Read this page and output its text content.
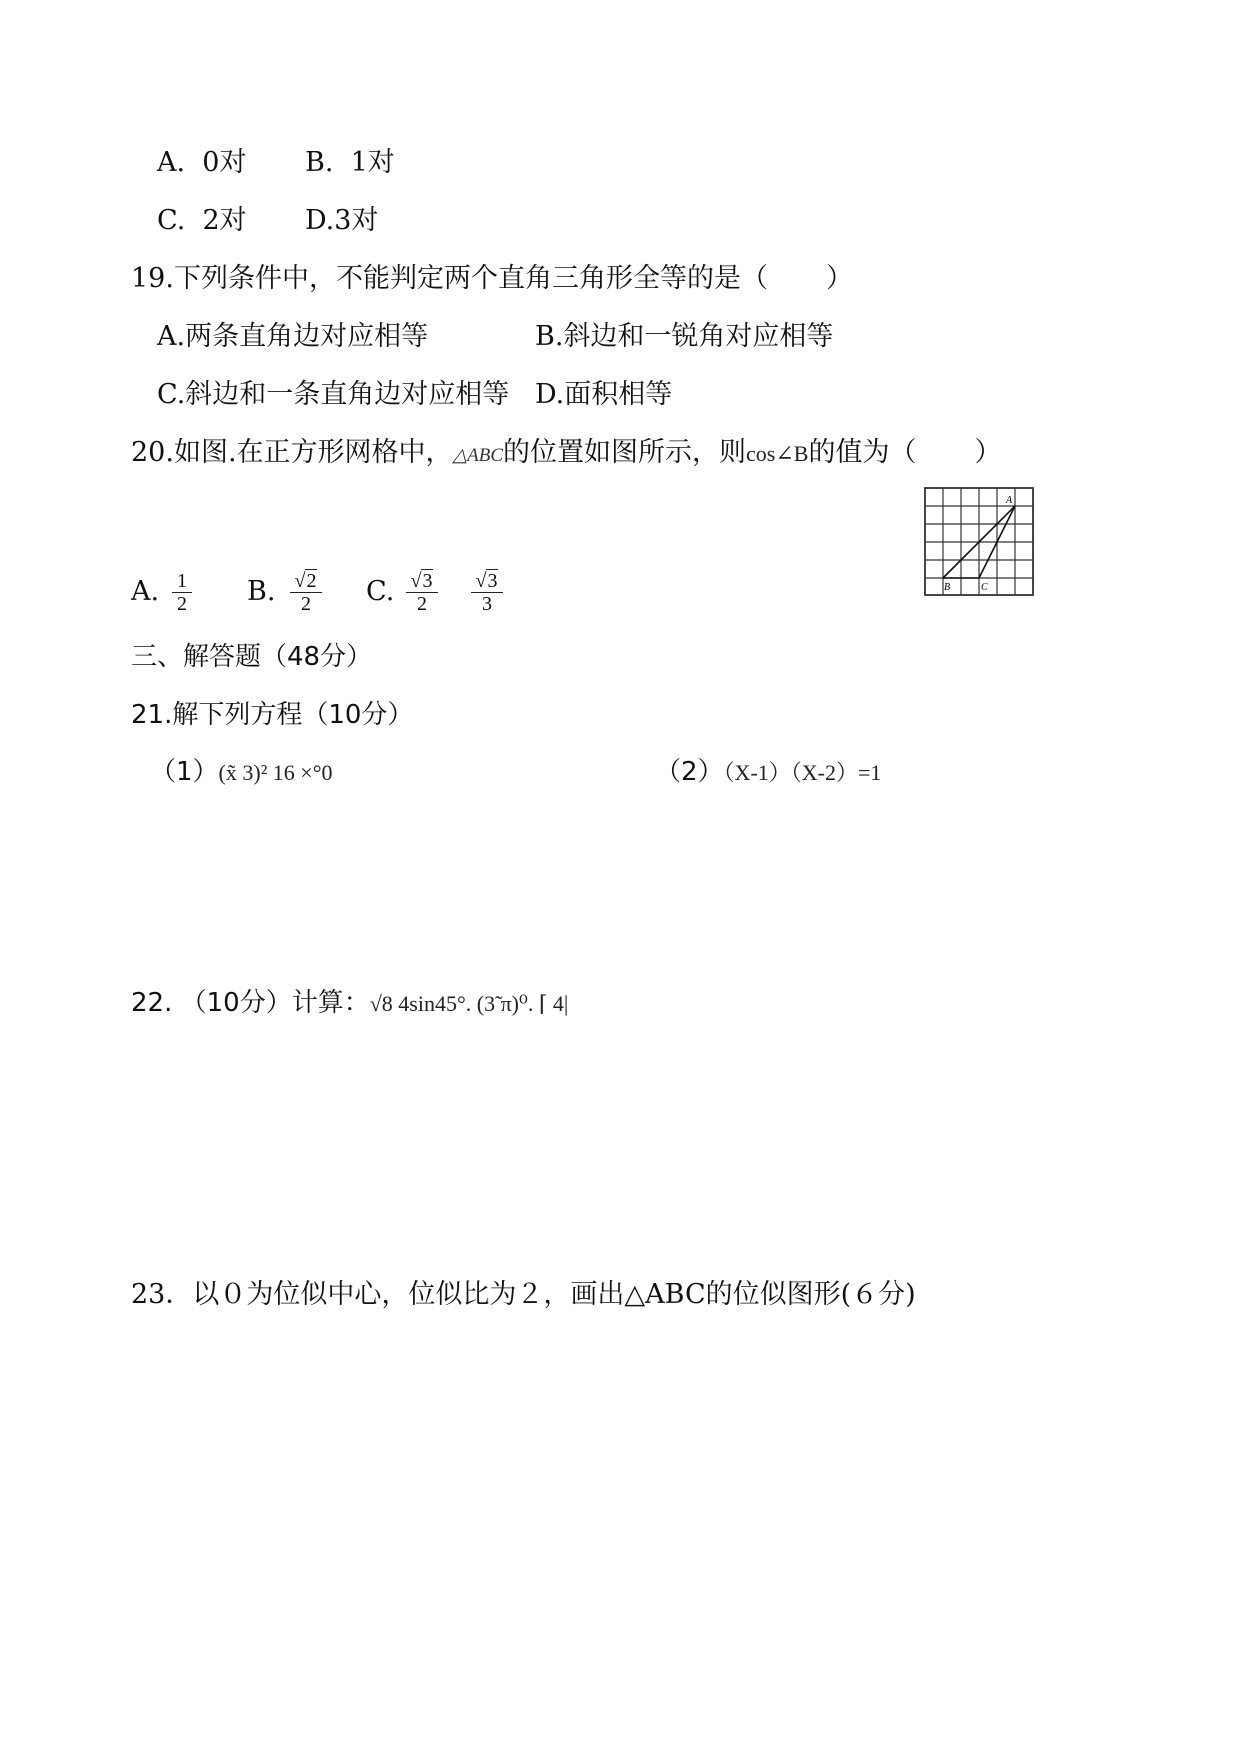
A. 0对 B. 1对
C. 2对 D.3对
19.下列条件中，不能判定两个直角三角形全等的是（ ）
A.两条直角边对应相等	B.斜边和一锐角对应相等
C.斜边和一条直角边对应相等 D.面积相等
20.如图.在正方形网格中，△ABC的位置如图所示，则cos∠B的值为（ ）
A
B	C
A. $\frac{1}{2} B$. $\frac{√2}{2} C$. $\frac{√3}{2} \frac{√3}{3}$
三、解答题（48分）
21.解下列方程（10分）
（1）(x̃ 3)² 16 ×°0	（2）（X-1）（X-2）=1
22. （10分）计算：√8 4sin45°. (3̃ π)⁰. ⌈ 4|
23．以０为位似中心，位似比为２，画出△ABC的位似图形(６分)
